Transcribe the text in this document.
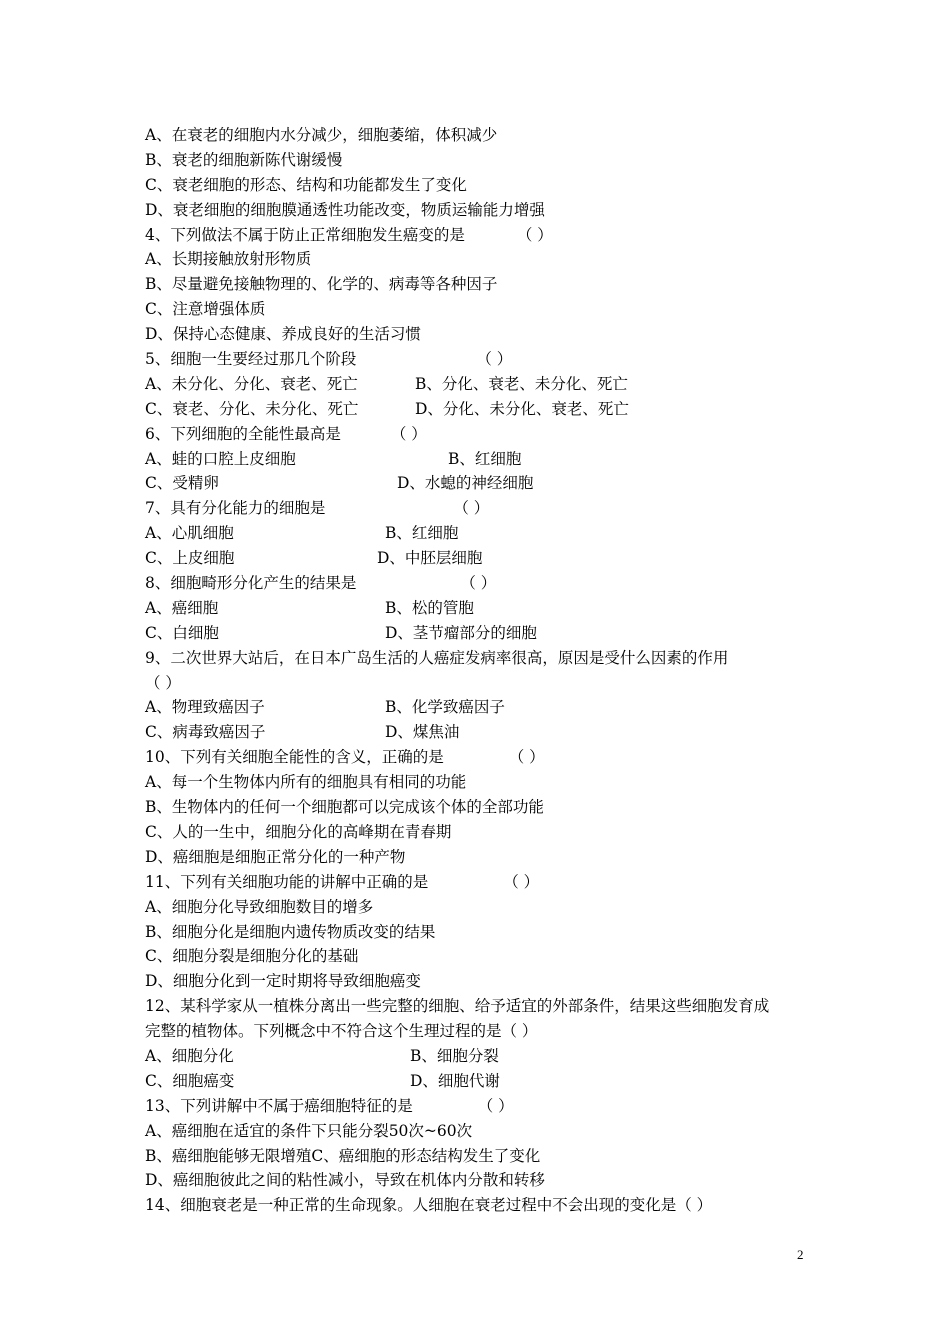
A、在衰老的细胞内水分减少，细胞萎缩，体积减少
B、衰老的细胞新陈代谢缓慢
C、衰老细胞的形态、结构和功能都发生了变化
D、衰老细胞的细胞膜通透性功能改变，物质运输能力增强
4、下列做法不属于防止正常细胞发生癌变的是	（ ）
A、长期接触放射形物质
B、尽量避免接触物理的、化学的、病毒等各种因子
C、注意增强体质
D、保持心态健康、养成良好的生活习惯
5、细胞一生要经过那几个阶段	（ ）
A、未分化、分化、衰老、死亡	B、分化、衰老、未分化、死亡
C、衰老、分化、未分化、死亡	D、分化、未分化、衰老、死亡
6、下列细胞的全能性最高是	（ ）
A、蛙的口腔上皮细胞	B、红细胞
C、受精卵	D、水螅的神经细胞
7、具有分化能力的细胞是	（ ）
A、心肌细胞	B、红细胞
C、上皮细胞	D、中胚层细胞
8、细胞畸形分化产生的结果是	（ ）
A、癌细胞	B、松的管胞
C、白细胞	D、茎节瘤部分的细胞
9、二次世界大站后，在日本广岛生活的人癌症发病率很高，原因是受什么因素的作用
（ ）
A、物理致癌因子	B、化学致癌因子
C、病毒致癌因子	D、煤焦油
10、下列有关细胞全能性的含义，正确的是	（ ）
A、每一个生物体内所有的细胞具有相同的功能
B、生物体内的任何一个细胞都可以完成该个体的全部功能
C、人的一生中，细胞分化的高峰期在青春期
D、癌细胞是细胞正常分化的一种产物
11、下列有关细胞功能的讲解中正确的是	（ ）
A、细胞分化导致细胞数目的增多
B、细胞分化是细胞内遗传物质改变的结果
C、细胞分裂是细胞分化的基础
D、细胞分化到一定时期将导致细胞癌变
12、某科学家从一植株分离出一些完整的细胞、给予适宜的外部条件，结果这些细胞发育成
完整的植物体。下列概念中不符合这个生理过程的是（ ）
A、细胞分化	B、细胞分裂
C、细胞癌变	D、细胞代谢
13、下列讲解中不属于癌细胞特征的是	（ ）
A、癌细胞在适宜的条件下只能分裂50次~60次
B、癌细胞能够无限增殖C、癌细胞的形态结构发生了变化
D、癌细胞彼此之间的粘性减小，导致在机体内分散和转移
14、细胞衰老是一种正常的生命现象。人细胞在衰老过程中不会出现的变化是（ ）
2
